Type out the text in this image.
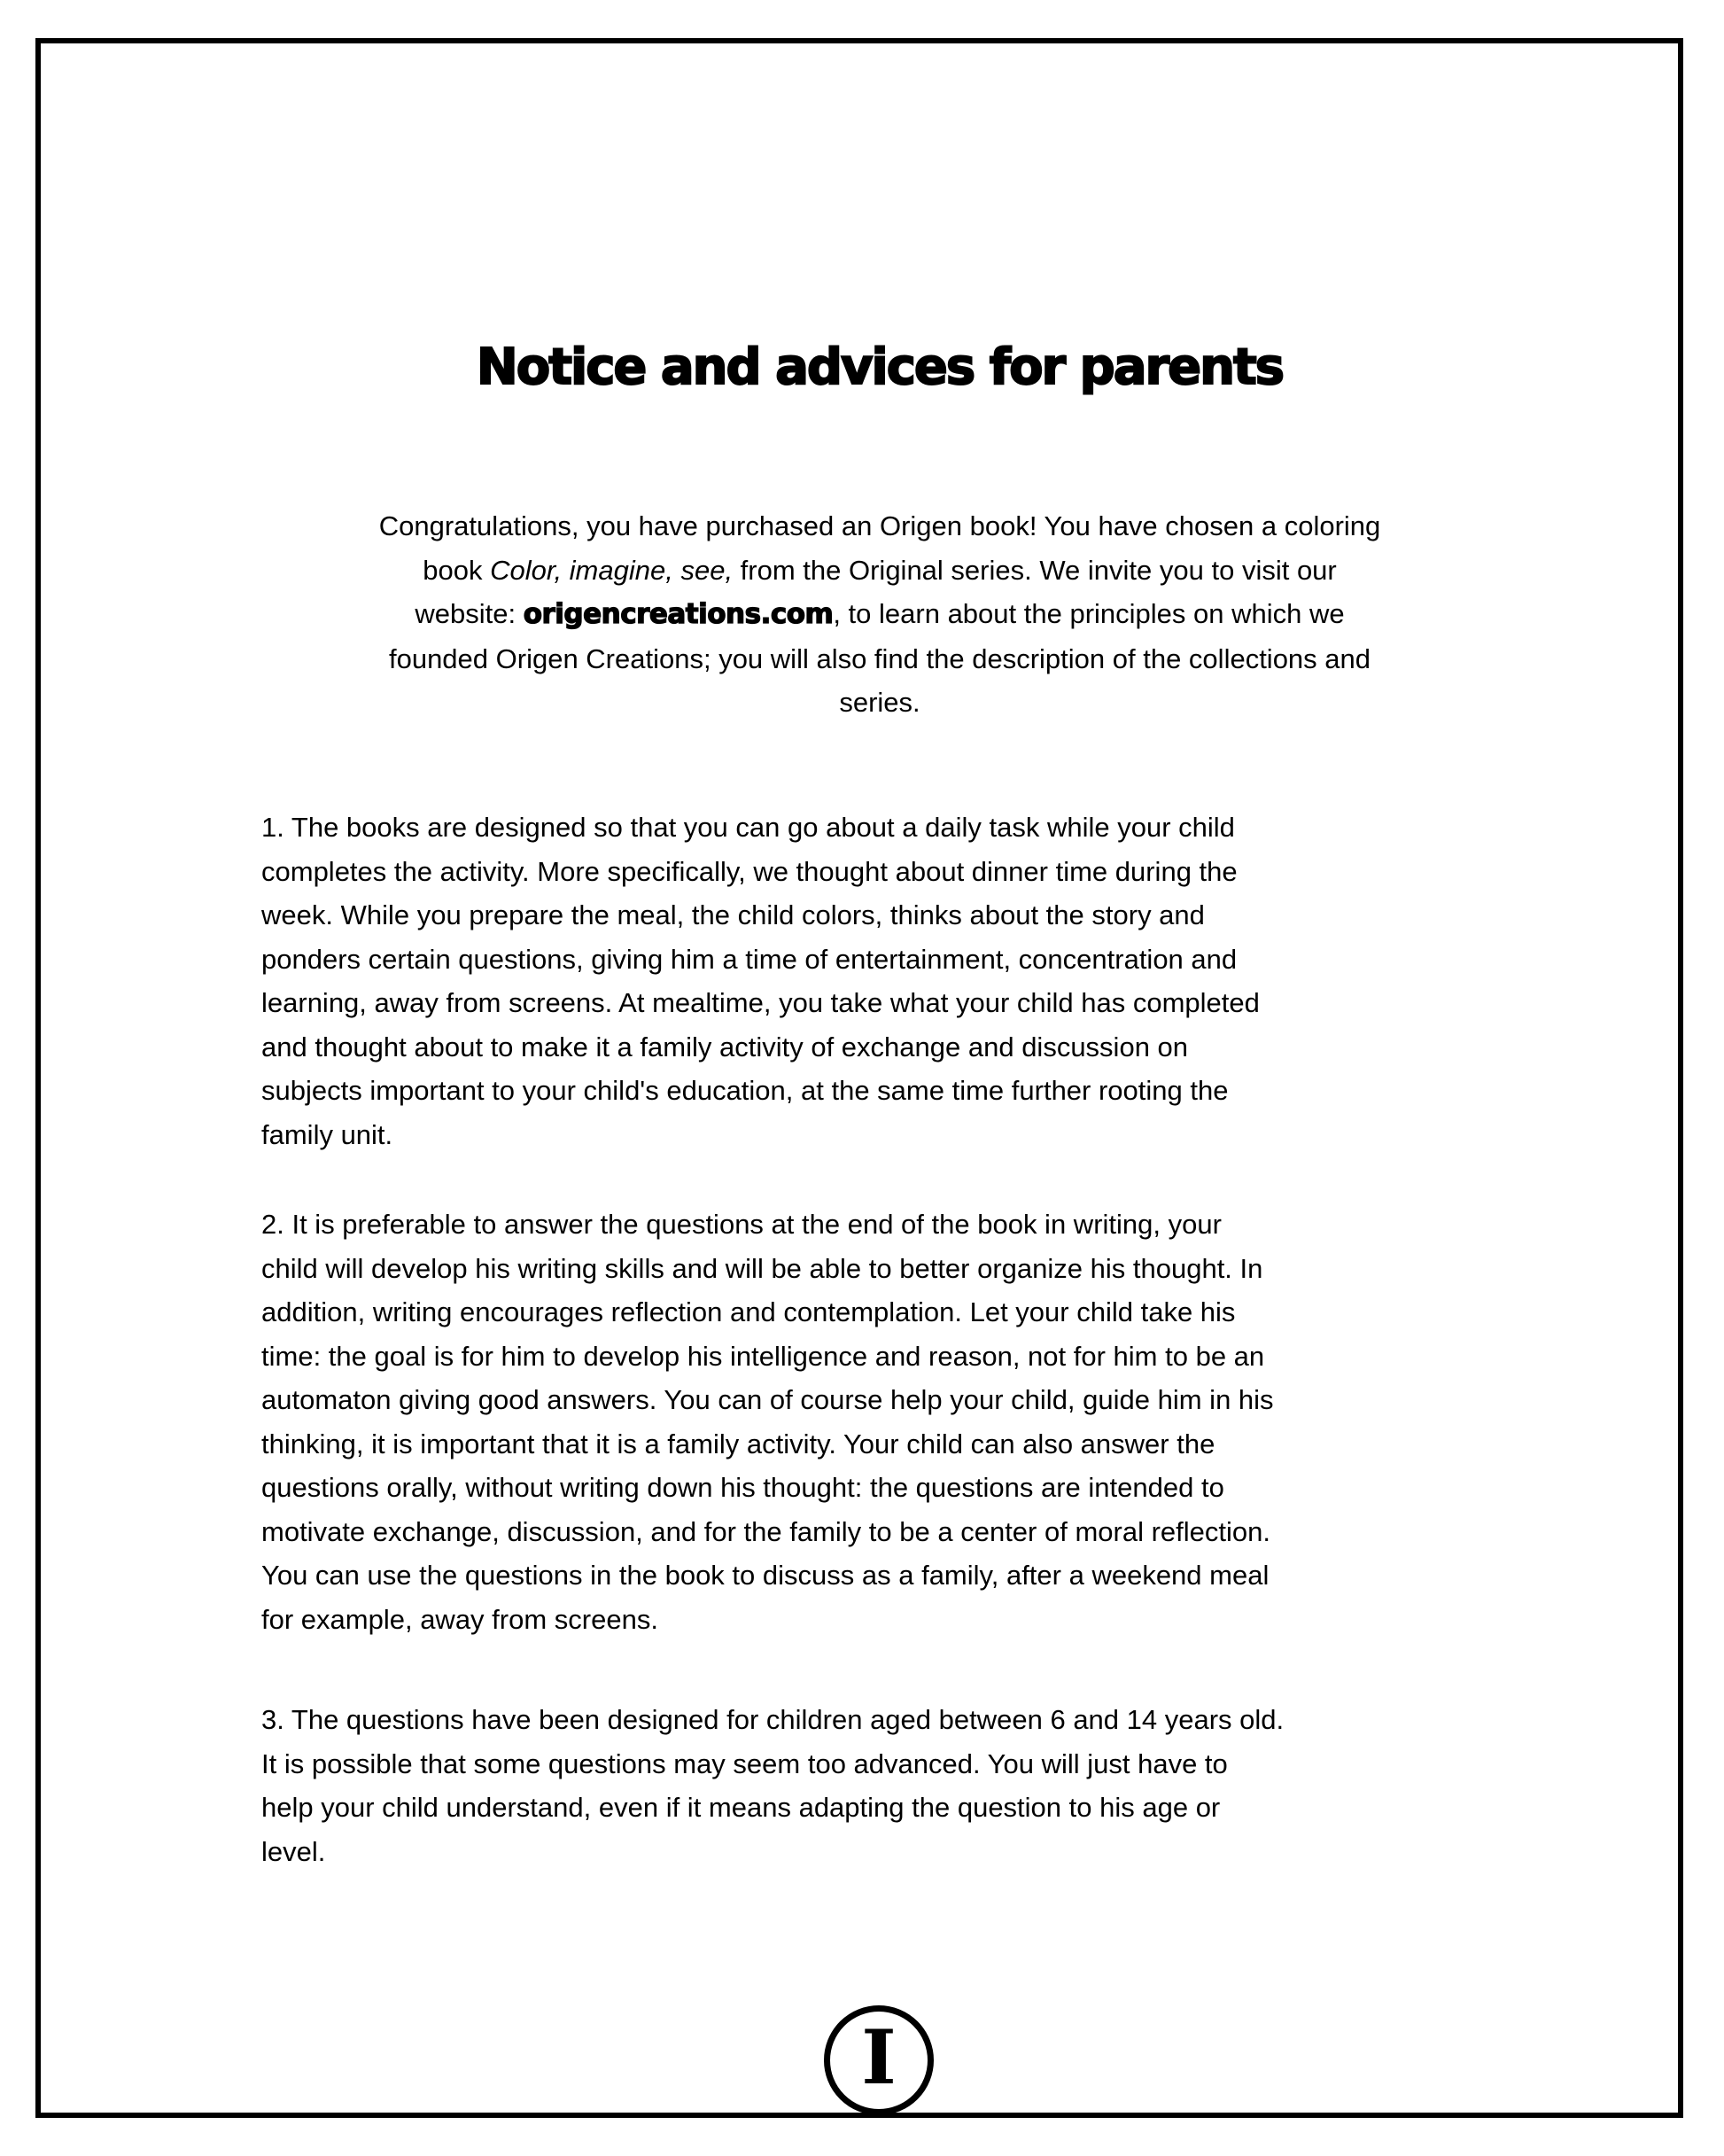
Notice and advices for parents
Congratulations, you have purchased an Origen book! You have chosen a coloring
book Color, imagine, see, from the Original series. We invite you to visit our
website: origencreations.com, to learn about the principles on which we
founded Origen Creations; you will also find the description of the collections and
series.
I
1. The books are designed so that you can go about a daily task while your child
completes the activity. More specifically, we thought about dinner time during the
week. While you prepare the meal, the child colors, thinks about the story and
ponders certain questions, giving him a time of entertainment, concentration and
learning, away from screens. At mealtime, you take what your child has completed
and thought about to make it a family activity of exchange and discussion on
subjects important to your child's education, at the same time further rooting the
family unit.
2. It is preferable to answer the questions at the end of the book in writing, your
child will develop his writing skills and will be able to better organize his thought. In
addition, writing encourages reflection and contemplation. Let your child take his
time: the goal is for him to develop his intelligence and reason, not for him to be an
automaton giving good answers. You can of course help your child, guide him in his
thinking, it is important that it is a family activity. Your child can also answer the
questions orally, without writing down his thought: the questions are intended to
motivate exchange, discussion, and for the family to be a center of moral reflection.
You can use the questions in the book to discuss as a family, after a weekend meal
for example, away from screens.
3. The questions have been designed for children aged between 6 and 14 years old.
It is possible that some questions may seem too advanced. You will just have to
help your child understand, even if it means adapting the question to his age or
level.
